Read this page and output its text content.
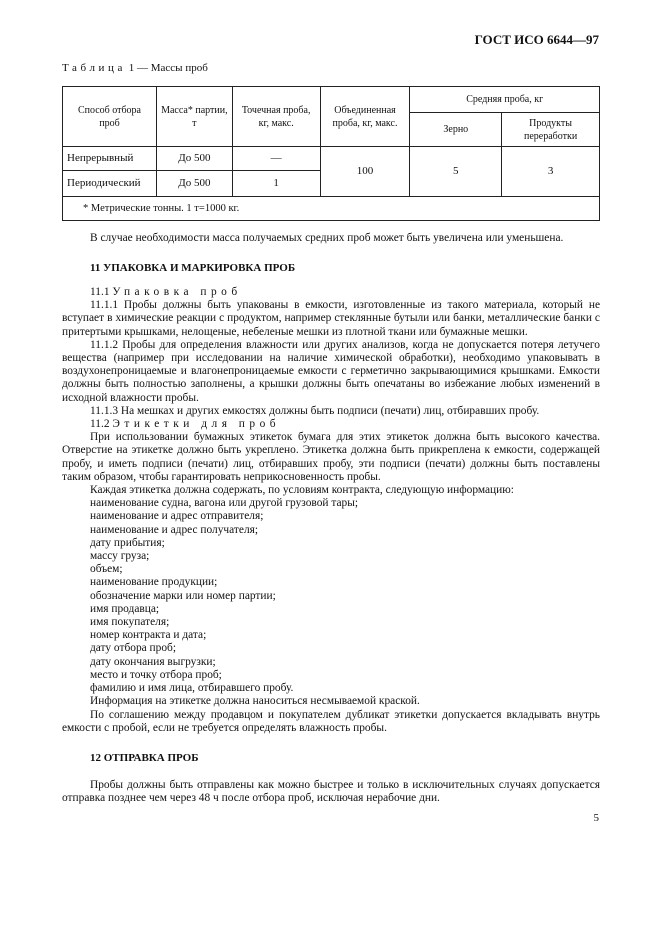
ГОСТ ИСО 6644—97
Таблица 1 — Массы проб
Способ отбора проб	Масса* партии, т	Точечная проба, кг, макс.	Объединенная проба, кг, макс.	Средняя проба, кг	
				Зерно	Продукты переработки
Непрерывный	До 500	—	100	5	3
Периодический	До 500	1			
* Метрические тонны. 1 т=1000 кг.					

В случае необходимости масса получаемых средних проб может быть увеличена или уменьшена.

11 УПАКОВКА И МАРКИРОВКА ПРОБ

11.1 Упаковка проб

11.1.1 Пробы должны быть упакованы в емкости, изготовленные из такого материала, который не вступает в химические реакции с продуктом, например стеклянные бутыли или банки, металлические банки с притертыми крышками, нелощеные, небеленые мешки из плотной ткани или бумажные мешки.

11.1.2 Пробы для определения влажности или других анализов, когда не допускается потеря летучего вещества (например при исследовании на наличие химической обработки), необходимо упаковывать в воздухонепроницаемые и влагонепроницаемые емкости с герметично закрывающимися крышками. Емкости должны быть полностью заполнены, а крышки должны быть опечатаны во избежание любых изменений в исходной влажности пробы.

11.1.3 На мешках и других емкостях должны быть подписи (печати) лиц, отбиравших пробу.

11.2 Этикетки для проб

При использовании бумажных этикеток бумага для этих этикеток должна быть высокого качества. Отверстие на этикетке должно быть укреплено. Этикетка должна быть прикреплена к емкости, содержащей пробу, и иметь подписи (печати) лиц, отбиравших пробу, эти подписи (печати) должны быть поставлены таким образом, чтобы гарантировать неприкосновенность пробы.

Каждая этикетка должна содержать, по условиям контракта, следующую информацию:

наименование судна, вагона или другой грузовой тары;

наименование и адрес отправителя;

наименование и адрес получателя;

дату прибытия;

массу груза;

объем;

наименование продукции;

обозначение марки или номер партии;

имя продавца;

имя покупателя;

номер контракта и дата;

дату отбора проб;

дату окончания выгрузки;

место и точку отбора проб;

фамилию и имя лица, отбиравшего пробу.

Информация на этикетке должна наноситься несмываемой краской.

По соглашению между продавцом и покупателем дубликат этикетки допускается вкладывать внутрь емкости с пробой, если не требуется определять влажность пробы.

12 ОТПРАВКА ПРОБ

Пробы должны быть отправлены как можно быстрее и только в исключительных случаях допускается отправка позднее чем через 48 ч после отбора проб, исключая нерабочие дни.

5
